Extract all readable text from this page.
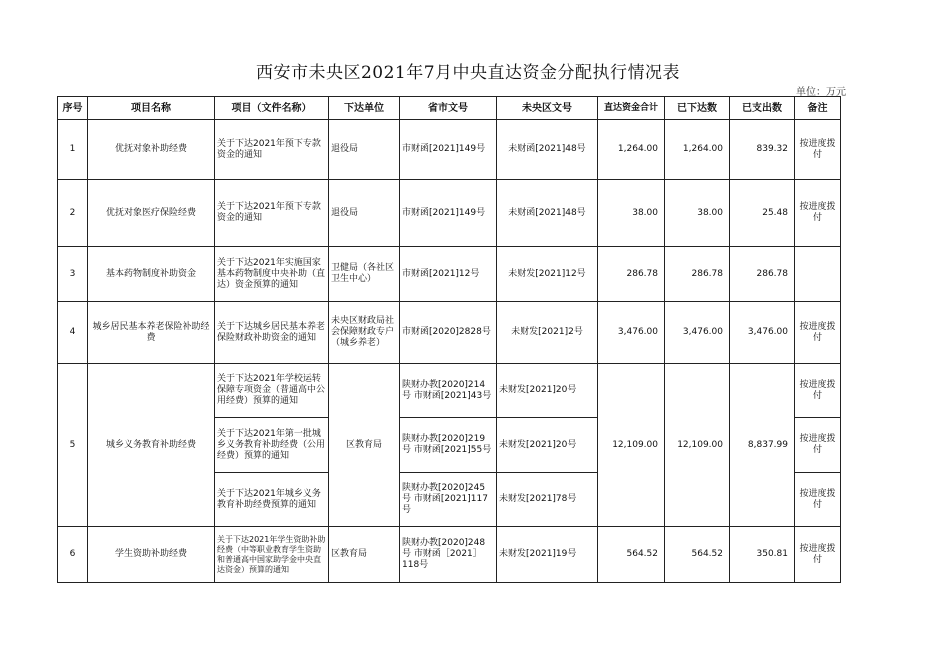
西安市未央区2021年7月中央直达资金分配执行情况表
单位：万元
序号	项目名称	项目（文件名称）	下达单位	省市文号	未央区文号	直达资金合计	已下达数	已支出数	备注
1	优抚对象补助经费	关于下达2021年预下专款资金的通知	退役局	市财函[2021]149号	未财函[2021]48号	1,264.00	1,264.00	839.32	按进度拨付
2	优抚对象医疗保险经费	关于下达2021年预下专款资金的通知	退役局	市财函[2021]149号	未财函[2021]48号	38.00	38.00	25.48	按进度拨付
3	基本药物制度补助资金	关于下达2021年实施国家基本药物制度中央补助（直达）资金预算的通知	卫健局（各社区卫生中心）	市财函[2021]12号	未财发[2021]12号	286.78	286.78	286.78	
4	城乡居民基本养老保险补助经费	关于下达城乡居民基本养老保险财政补助资金的通知	未央区财政局社会保障财政专户（城乡养老）	市财函[2020]2828号	未财发[2021]2号	3,476.00	3,476.00	3,476.00	按进度拨付
5	城乡义务教育补助经费	关于下达2021年学校运转保障专项资金（普通高中公用经费）预算的通知	区教育局	陕财办教[2020]214号 市财函[2021]43号	未财发[2021]20号	12,109.00	12,109.00	8,837.99	按进度拨付
		关于下达2021年第一批城乡义务教育补助经费（公用经费）预算的通知		陕财办教[2020]219号 市财函[2021]55号	未财发[2021]20号				按进度拨付
		关于下达2021年城乡义务教育补助经费预算的通知		陕财办教[2020]245号 市财函[2021]117号	未财发[2021]78号				按进度拨付
6	学生资助补助经费	关于下达2021年学生资助补助经费（中等职业教育学生资助和普通高中国家助学金中央直达资金）预算的通知	区教育局	陕财办教[2020]248号 市财函［2021］118号	未财发[2021]19号	564.52	564.52	350.81	按进度拨付
